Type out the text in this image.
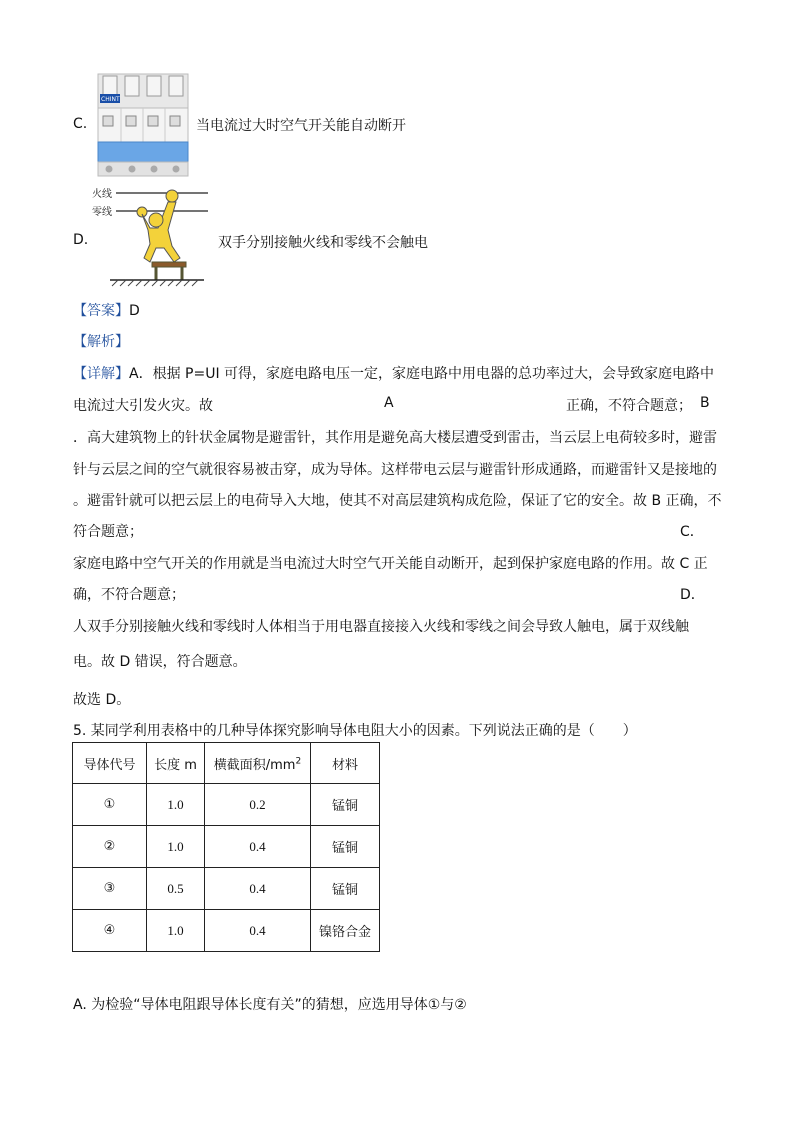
C.
CHINT
当电流过大时空气开关能自动断开
D.
火线
零线
双手分别接触火线和零线不会触电
【答案】D
【解析】
【详解】A．根据 P=UI 可得，家庭电路电压一定，家庭电路中用电器的总功率过大，会导致家庭电路中
电流过大引发火灾。故	A	正确，不符合题意； B
．高大建筑物上的针状金属物是避雷针，其作用是避免高大楼层遭受到雷击，当云层上电荷较多时，避雷
针与云层之间的空气就很容易被击穿，成为导体。这样带电云层与避雷针形成通路，而避雷针又是接地的
。避雷针就可以把云层上的电荷导入大地，使其不对高层建筑构成危险，保证了它的安全。故 B 正确，不
符合题意；	C．
家庭电路中空气开关的作用就是当电流过大时空气开关能自动断开，起到保护家庭电路的作用。故 C 正
确，不符合题意；	D．
人双手分别接触火线和零线时人体相当于用电器直接接入火线和零线之间会导致人触电，属于双线触
电。故 D 错误，符合题意。
故选 D。
5. 某同学利用表格中的几种导体探究影响导体电阻大小的因素。下列说法正确的是（　　）
导体代号	长度 m	横截面积$/mm^2$	材料
①	1.0	0.2	锰铜
②	1.0	0.4	锰铜
③	0.5	0.4	锰铜
④	1.0	0.4	镍铬合金
A. 为检验“导体电阻跟导体长度有关”的猜想，应选用导体①与②
